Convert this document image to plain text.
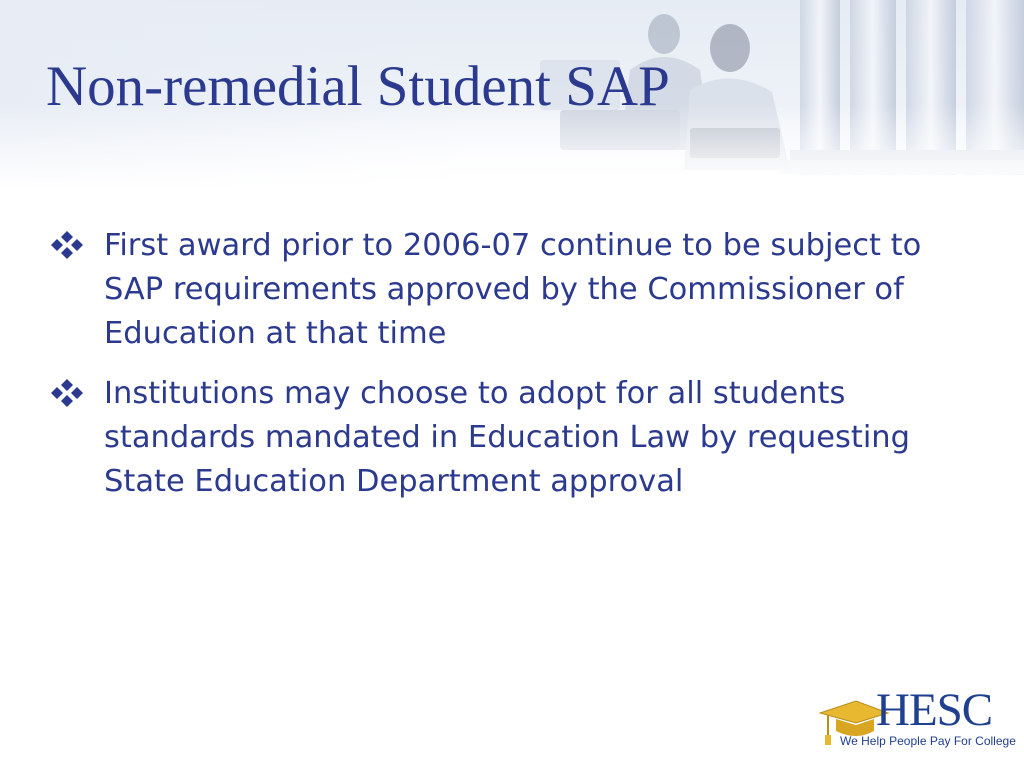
Non-remedial Student SAP
First award prior to 2006-07 continue to be subject to SAP requirements approved by the Commissioner of Education at that time
Institutions may choose to adopt for all students standards mandated in Education Law by requesting State Education Department approval
HESC
We Help People Pay For College
